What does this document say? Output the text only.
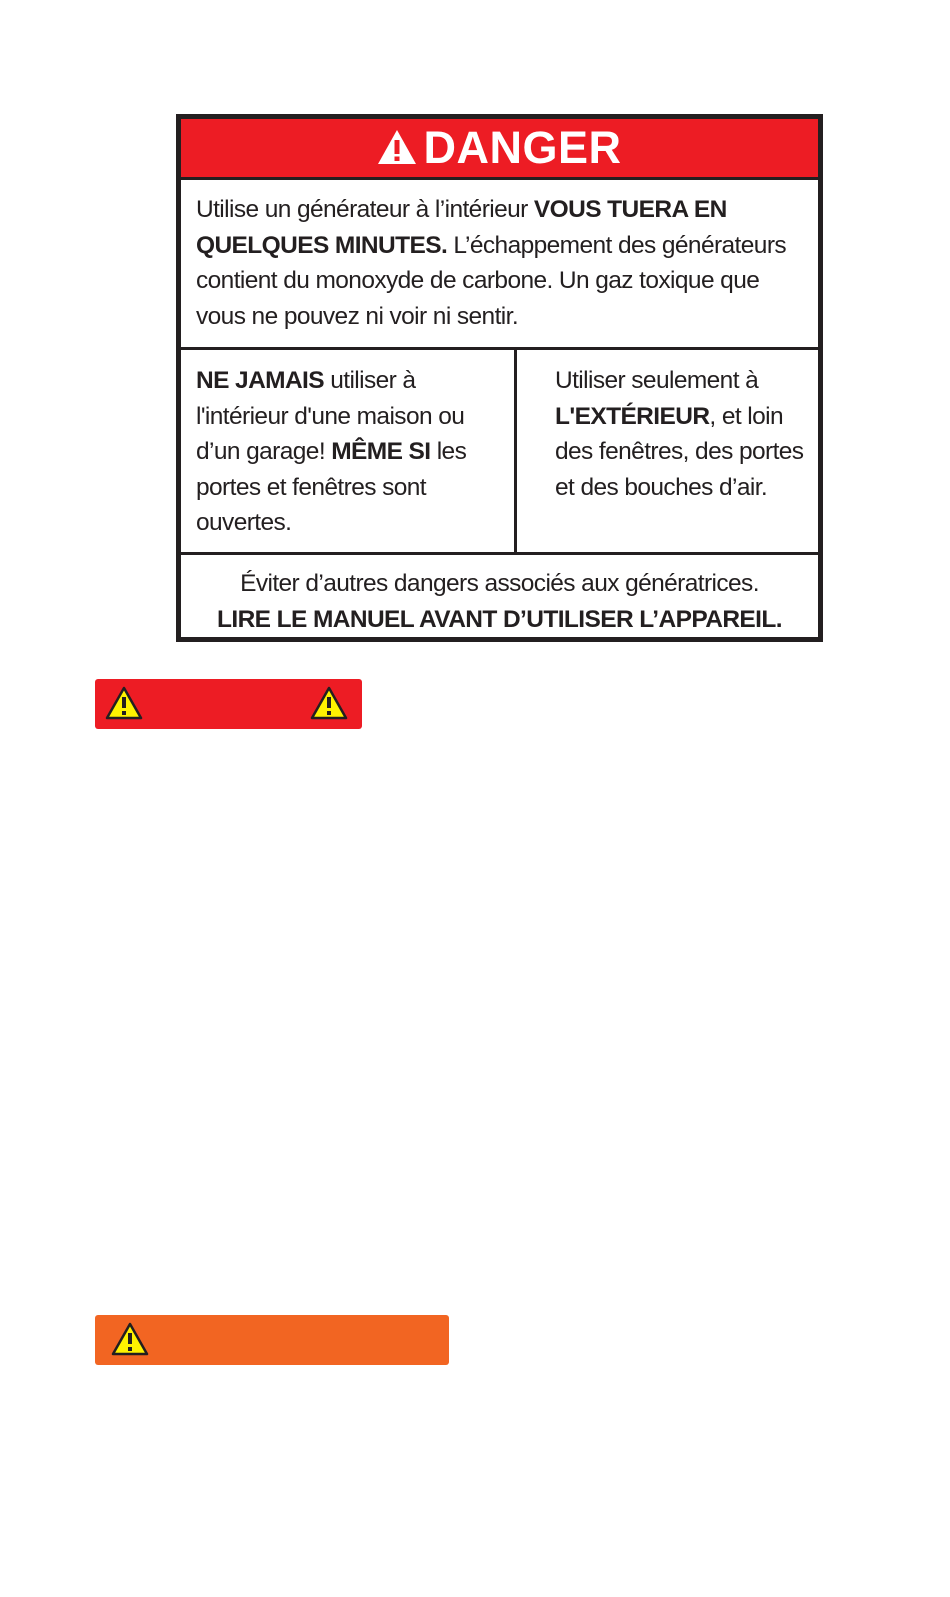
DANGER
Utilise un générateur à l’intérieur VOUS TUERA EN QUELQUES MINUTES. L’échappement des générateurs contient du monoxyde de carbone. Un gaz toxique que vous ne pouvez ni voir ni sentir.
NE JAMAIS utiliser à l'intérieur d'une maison ou d’un garage! MÊME SI les portes et fenêtres sont ouvertes.
Utiliser seulement à L'EXTÉRIEUR, et loin des fenêtres, des portes et des bouches d’air.
Éviter d’autres dangers associés aux génératrices.
LIRE LE MANUEL AVANT D’UTILISER L’APPAREIL.
